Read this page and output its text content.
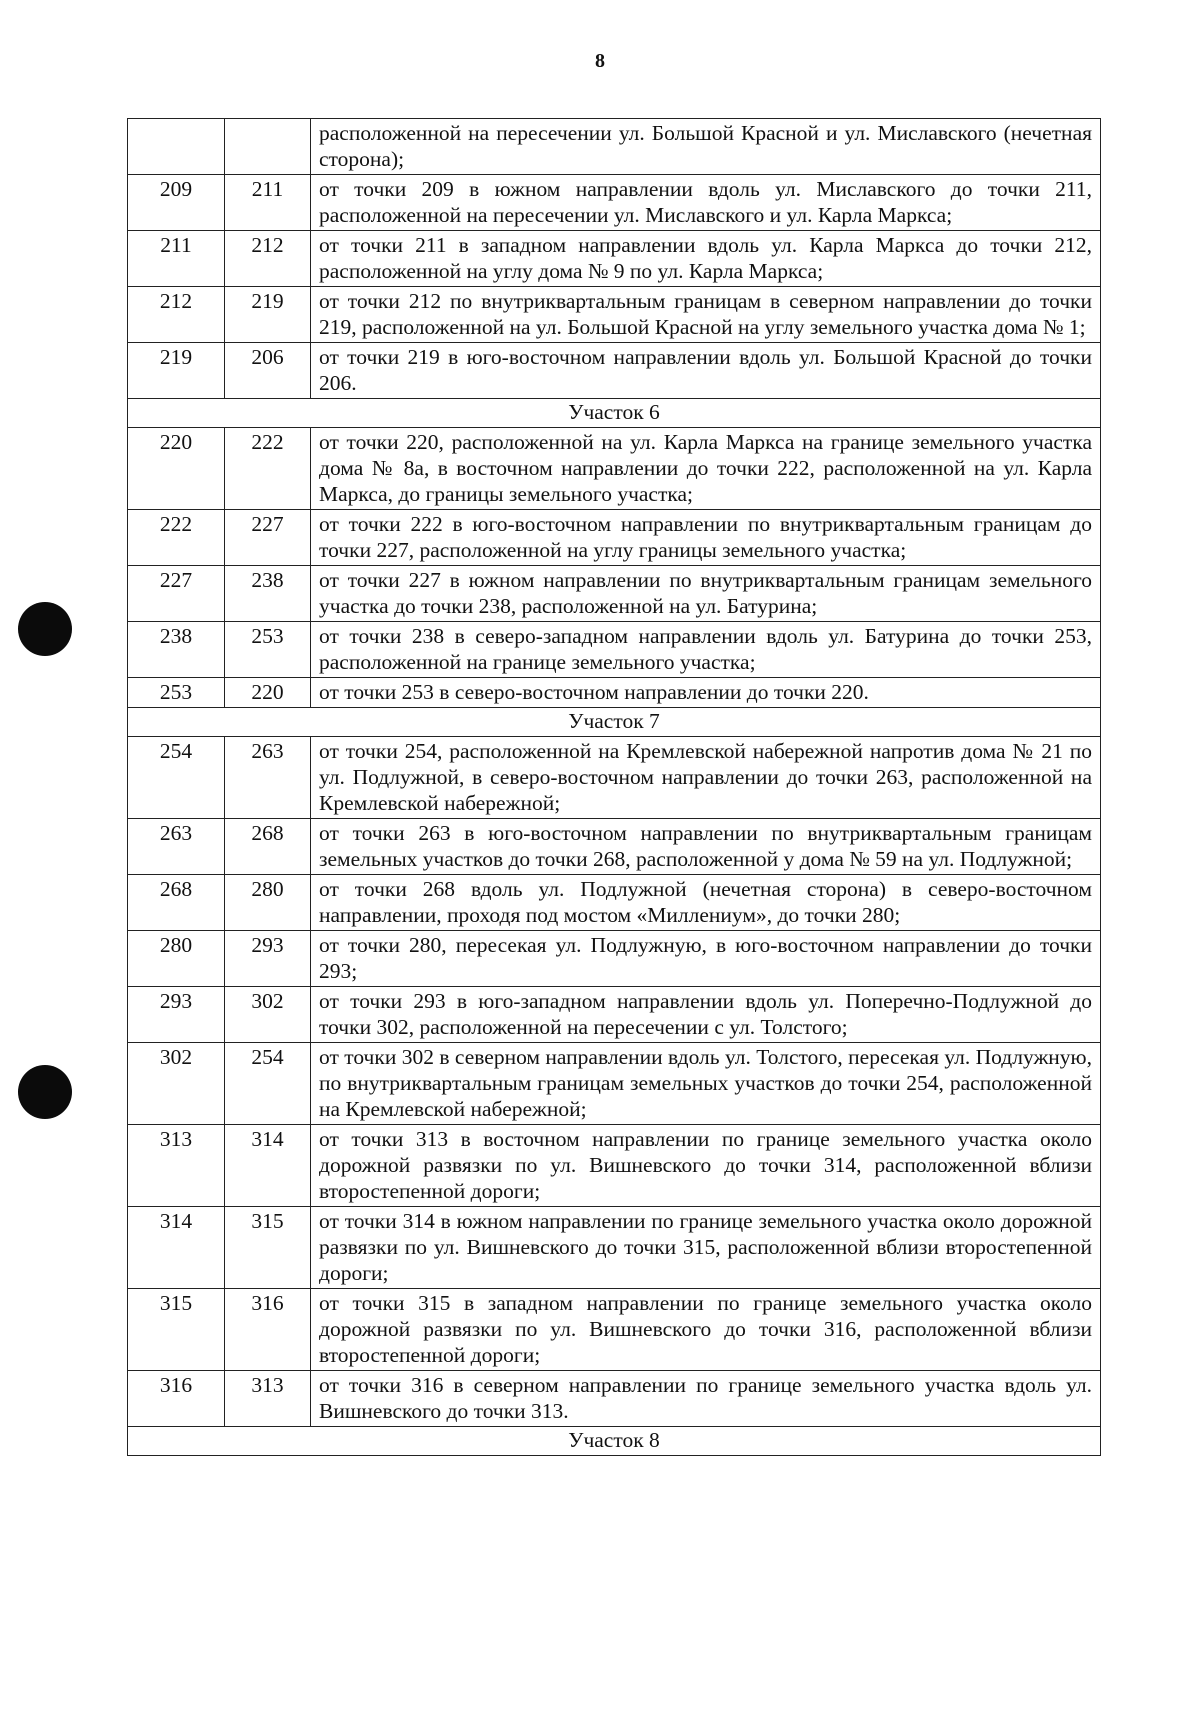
8
		расположенной на пересечении ул. Большой Красной и ул. Миславского (нечетная сторона);
209	211	от точки 209 в южном направлении вдоль ул. Миславского до точки 211, расположенной на пересечении ул. Миславского и ул. Карла Маркса;
211	212	от точки 211 в западном направлении вдоль ул. Карла Маркса до точки 212, расположенной на углу дома № 9 по ул. Карла Маркса;
212	219	от точки 212 по внутриквартальным границам в северном направлении до точки 219, расположенной на ул. Большой Красной на углу земельного участка дома № 1;
219	206	от точки 219 в юго-восточном направлении вдоль ул. Большой Красной до точки 206.
Участок 6		
220	222	от точки 220, расположенной на ул. Карла Маркса на границе земельного участка дома № 8а, в восточном направлении до точки 222, расположенной на ул. Карла Маркса, до границы земельного участка;
222	227	от точки 222 в юго-восточном направлении по внутриквартальным границам до точки 227, расположенной на углу границы земельного участка;
227	238	от точки 227 в южном направлении по внутриквартальным границам земельного участка до точки 238, расположенной на ул. Батурина;
238	253	от точки 238 в северо-западном направлении вдоль ул. Батурина до точки 253, расположенной на границе земельного участка;
253	220	от точки 253 в северо-восточном направлении до точки 220.
Участок 7		
254	263	от точки 254, расположенной на Кремлевской набережной напротив дома № 21 по ул. Подлужной, в северо-восточном направлении до точки 263, расположенной на Кремлевской набережной;
263	268	от точки 263 в юго-восточном направлении по внутриквартальным границам земельных участков до точки 268, расположенной у дома № 59 на ул. Подлужной;
268	280	от точки 268 вдоль ул. Подлужной (нечетная сторона) в северо-восточном направлении, проходя под мостом «Миллениум», до точки 280;
280	293	от точки 280, пересекая ул. Подлужную, в юго-восточном направлении до точки 293;
293	302	от точки 293 в юго-западном направлении вдоль ул. Поперечно-Подлужной до точки 302, расположенной на пересечении с ул. Толстого;
302	254	от точки 302 в северном направлении вдоль ул. Толстого, пересекая ул. Подлужную, по внутриквартальным границам земельных участков до точки 254, расположенной на Кремлевской набережной;
313	314	от точки 313 в восточном направлении по границе земельного участка около дорожной развязки по ул. Вишневского до точки 314, расположенной вблизи второстепенной дороги;
314	315	от точки 314 в южном направлении по границе земельного участка около дорожной развязки по ул. Вишневского до точки 315, расположенной вблизи второстепенной дороги;
315	316	от точки 315 в западном направлении по границе земельного участка около дорожной развязки по ул. Вишневского до точки 316, расположенной вблизи второстепенной дороги;
316	313	от точки 316 в северном направлении по границе земельного участка вдоль ул. Вишневского до точки 313.
Участок 8		
